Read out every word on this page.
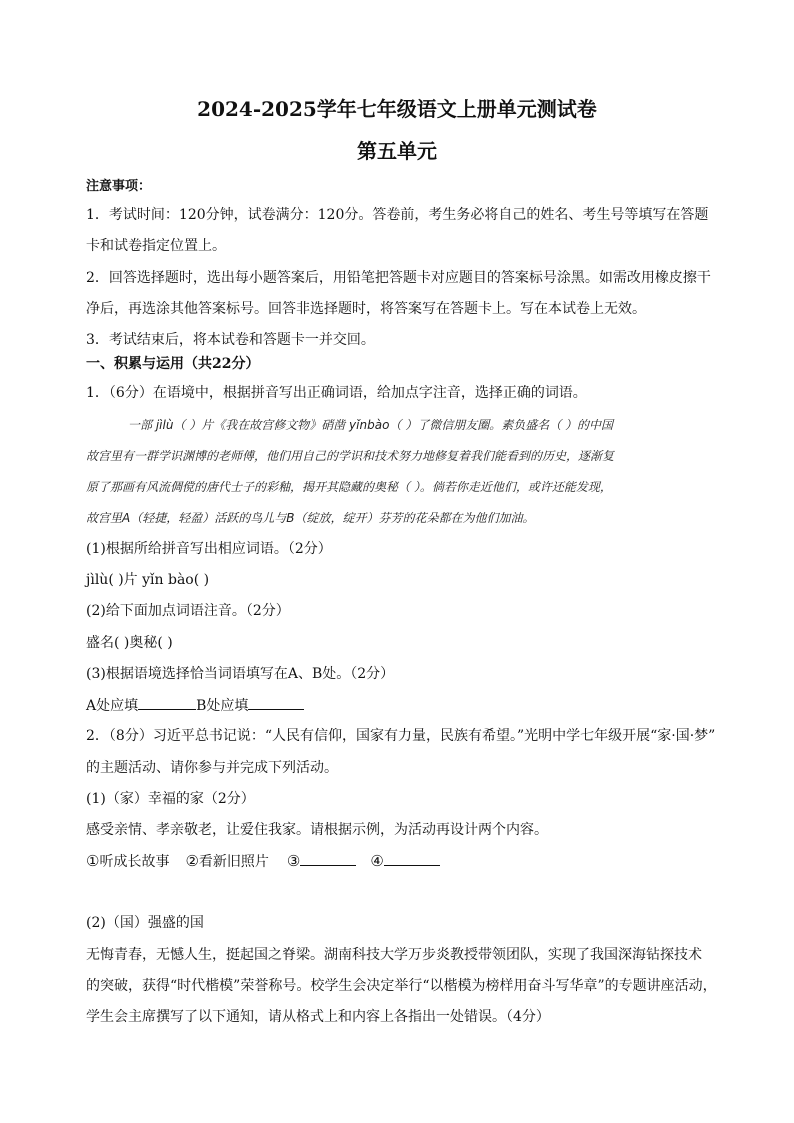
2024-2025学年七年级语文上册单元测试卷
第五单元
注意事项：
1．考试时间：120分钟，试卷满分：120分。答卷前，考生务必将自己的姓名、考生号等填写在答题
卡和试卷指定位置上。
2．回答选择题时，选出每小题答案后，用铅笔把答题卡对应题目的答案标号涂黑。如需改用橡皮擦干
净后，再选涂其他答案标号。回答非选择题时，将答案写在答题卡上。写在本试卷上无效。
3．考试结束后，将本试卷和答题卡一并交回。
一、积累与运用（共22分）
1．（6分）在语境中，根据拼音写出正确词语，给加点字注音，选择正确的词语。
一部 jìlù（ ）片《我在故宫修文物》硝凿 yǐnbào（ ）了微信朋友圈。素负盛名（ ）的中国
故宫里有一群学识渊博的老师傅，他们用自己的学识和技术努力地修复着我们能看到的历史，逐渐复
原了那画有风流倜傥的唐代士子的彩釉，揭开其隐藏的奥秘（ ）。倘若你走近他们，或许还能发现，
故宫里A（轻捷，轻盈）活跃的鸟儿与B（绽放，绽开）芬芳的花朵都在为他们加油。
(1)根据所给拼音写出相应词语。（2分）
jìlù( )片 yǐn bào( )
(2)给下面加点词语注音。（2分）
盛名( )奥秘( )
(3)根据语境选择恰当词语填写在A、B处。（2分）
A处应填	B处应填
2．（8分）习近平总书记说：“人民有信仰，国家有力量，民族有希望。”光明中学七年级开展“家·国·梦”
的主题活动、请你参与并完成下列活动。
(1)（家）幸福的家（2分）
感受亲情、孝亲敬老，让爱住我家。请根据示例，为活动再设计两个内容。
①听成长故事 ②看新旧照片 ③	④
(2)（国）强盛的国
无悔青春，无憾人生，挺起国之脊梁。湖南科技大学万步炎教授带领团队，实现了我国深海钻探技术
的突破，获得“时代楷模”荣誉称号。校学生会决定举行“以楷模为榜样用奋斗写华章”的专题讲座活动，
学生会主席撰写了以下通知，请从格式上和内容上各指出一处错误。（4分）
